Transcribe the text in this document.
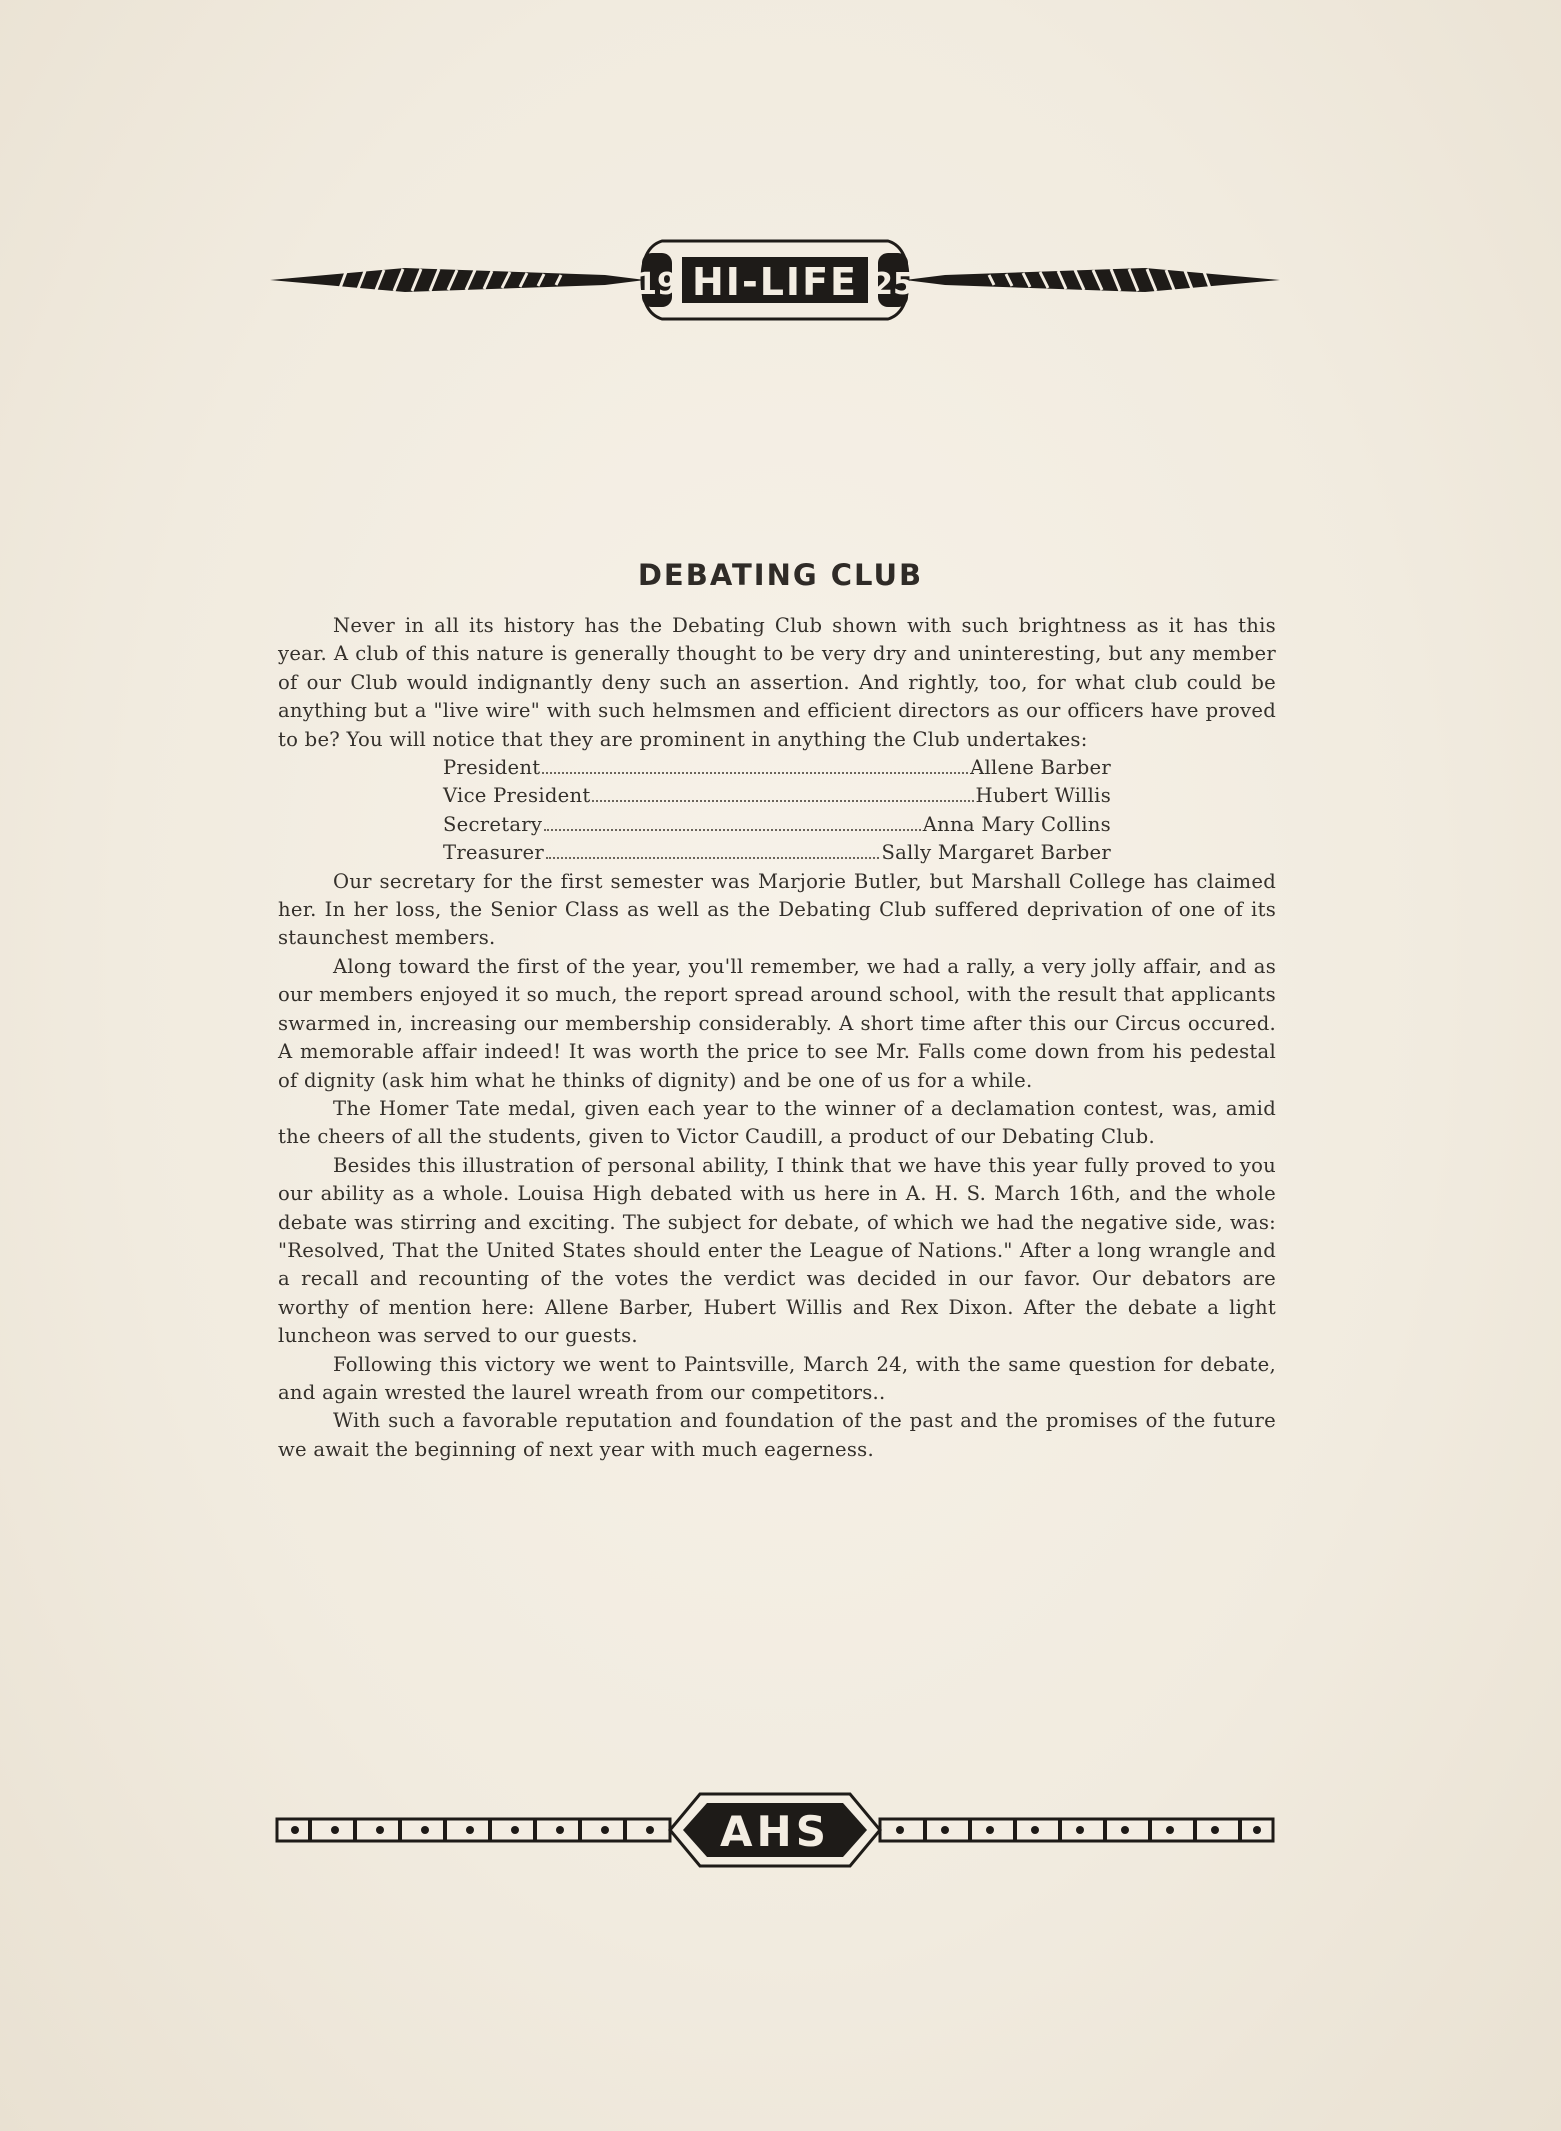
19 HI-LIFE 25
DEBATING CLUB

Never in all its history has the Debating Club shown with such brightness as it has this year. A club of this nature is generally thought to be very dry and uninteresting, but any member of our Club would indignantly deny such an assertion. And rightly, too, for what club could be anything but a "live wire" with such helmsmen and efficient directors as our officers have proved to be? You will notice that they are prominent in anything the Club undertakes:

President	Allene Barber
Vice President	Hubert Willis
Secretary	Anna Mary Collins
Treasurer	Sally Margaret Barber

Our secretary for the first semester was Marjorie Butler, but Marshall College has claimed her. In her loss, the Senior Class as well as the Debating Club suffered deprivation of one of its staunchest members.

Along toward the first of the year, you'll remember, we had a rally, a very jolly affair, and as our members enjoyed it so much, the report spread around school, with the result that applicants swarmed in, increasing our membership considerably. A short time after this our Circus occured. A memorable affair indeed! It was worth the price to see Mr. Falls come down from his pedestal of dignity (ask him what he thinks of dignity) and be one of us for a while.

The Homer Tate medal, given each year to the winner of a declamation contest, was, amid the cheers of all the students, given to Victor Caudill, a product of our Debating Club.

Besides this illustration of personal ability, I think that we have this year fully proved to you our ability as a whole. Louisa High debated with us here in A. H. S. March 16th, and the whole debate was stirring and exciting. The subject for debate, of which we had the negative side, was: "Resolved, That the United States should enter the League of Nations." After a long wrangle and a recall and recounting of the votes the verdict was decided in our favor. Our debators are worthy of mention here: Allene Barber, Hubert Willis and Rex Dixon. After the debate a light luncheon was served to our guests.

Following this victory we went to Paintsville, March 24, with the same question for debate, and again wrested the laurel wreath from our competitors..

With such a favorable reputation and foundation of the past and the promises of the future we await the beginning of next year with much eagerness.

AHS
